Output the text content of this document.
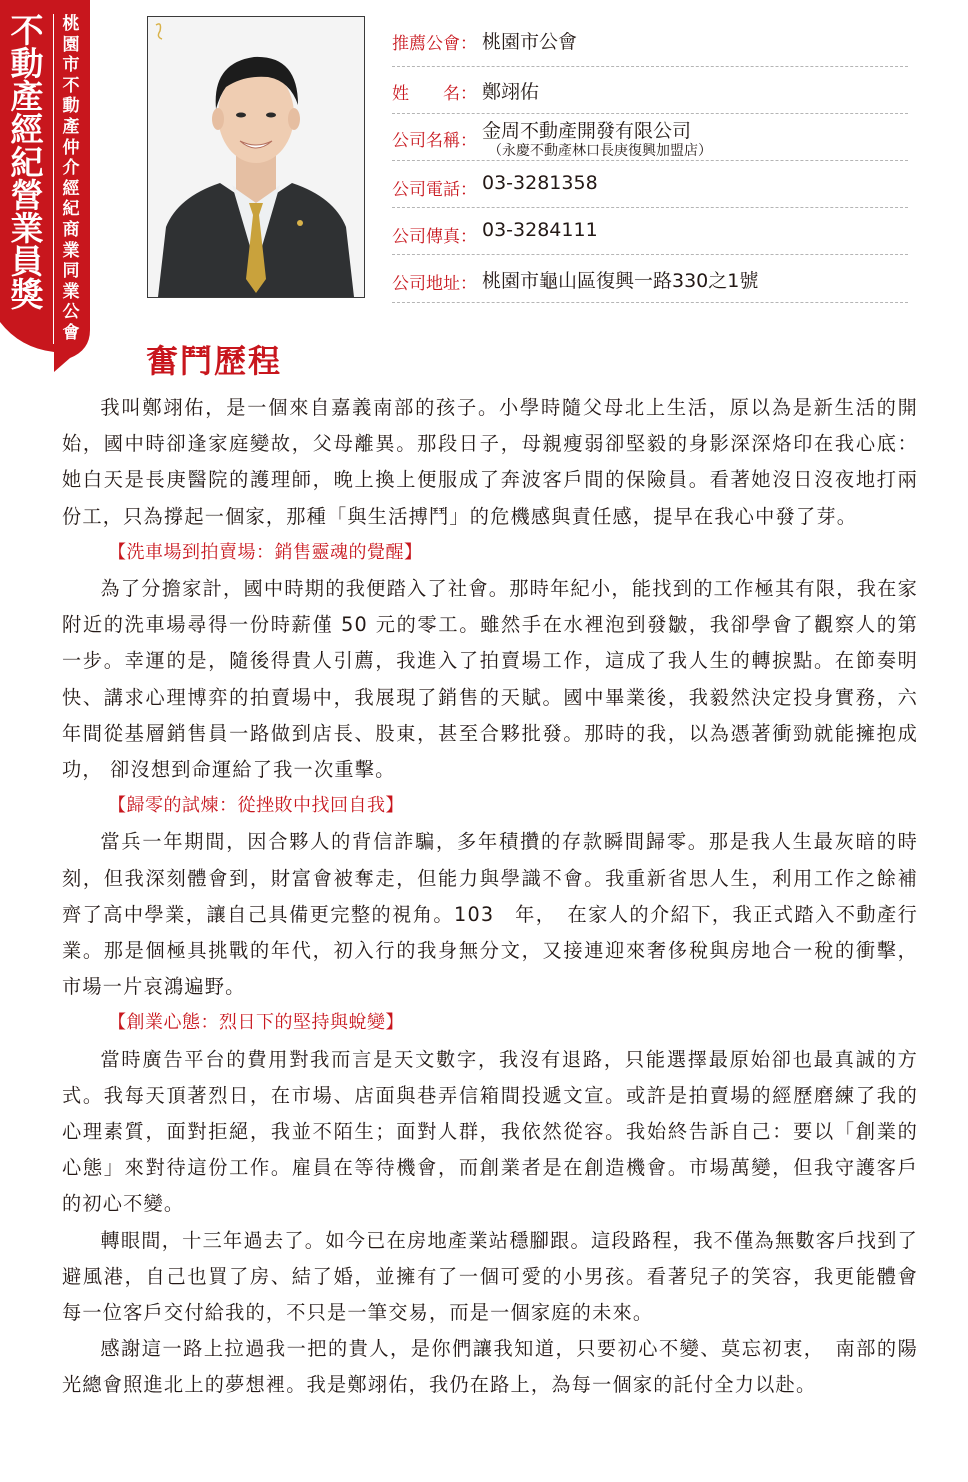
不動產經紀營業員獎
桃園市不動產仲介經紀商業同業公會
推薦公會： 桃園市公會
姓　　名： 鄭翊佑
公司名稱： 金周不動產開發有限公司
（永慶不動產林口長庚復興加盟店）
公司電話： 03-3281358
公司傳真： 03-3284111
公司地址： 桃園市龜山區復興一路330之1號
奮鬥歷程

我叫鄭翊佑，是一個來自嘉義南部的孩子。小學時隨父母北上生活，原以為是新生活的開始，國中時卻逢家庭變故，父母離異。那段日子，母親瘦弱卻堅毅的身影深深烙印在我心底：她白天是長庚醫院的護理師，晚上換上便服成了奔波客戶間的保險員。看著她沒日沒夜地打兩份工，只為撐起一個家，那種「與生活搏鬥」的危機感與責任感，提早在我心中發了芽。

【洗車場到拍賣場：銷售靈魂的覺醒】

為了分擔家計，國中時期的我便踏入了社會。那時年紀小，能找到的工作極其有限，我在家附近的洗車場尋得一份時薪僅 50 元的零工。雖然手在水裡泡到發皺，我卻學會了觀察人的第一步。幸運的是，隨後得貴人引薦，我進入了拍賣場工作，這成了我人生的轉捩點。在節奏明快、講求心理博弈的拍賣場中，我展現了銷售的天賦。國中畢業後，我毅然決定投身實務，六年間從基層銷售員一路做到店長、股東，甚至合夥批發。那時的我，以為憑著衝勁就能擁抱成功， 卻沒想到命運給了我一次重擊。

【歸零的試煉：從挫敗中找回自我】

當兵一年期間，因合夥人的背信詐騙，多年積攢的存款瞬間歸零。那是我人生最灰暗的時刻，但我深刻體會到，財富會被奪走，但能力與學識不會。我重新省思人生，利用工作之餘補齊了高中學業，讓自己具備更完整的視角。103　年，　在家人的介紹下，我正式踏入不動產行業。那是個極具挑戰的年代，初入行的我身無分文，又接連迎來奢侈稅與房地合一稅的衝擊，市場一片哀鴻遍野。

【創業心態：烈日下的堅持與蛻變】

當時廣告平台的費用對我而言是天文數字，我沒有退路，只能選擇最原始卻也最真誠的方式。我每天頂著烈日，在市場、店面與巷弄信箱間投遞文宣。或許是拍賣場的經歷磨練了我的心理素質，面對拒絕，我並不陌生；面對人群，我依然從容。我始終告訴自己：要以「創業的心態」來對待這份工作。雇員在等待機會，而創業者是在創造機會。市場萬變，但我守護客戶的初心不變。

轉眼間，十三年過去了。如今已在房地產業站穩腳跟。這段路程，我不僅為無數客戶找到了避風港，自己也買了房、結了婚，並擁有了一個可愛的小男孩。看著兒子的笑容，我更能體會每一位客戶交付給我的，不只是一筆交易，而是一個家庭的未來。

感謝這一路上拉過我一把的貴人，是你們讓我知道，只要初心不變、莫忘初衷，　南部的陽光總會照進北上的夢想裡。我是鄭翊佑，我仍在路上，為每一個家的託付全力以赴。
